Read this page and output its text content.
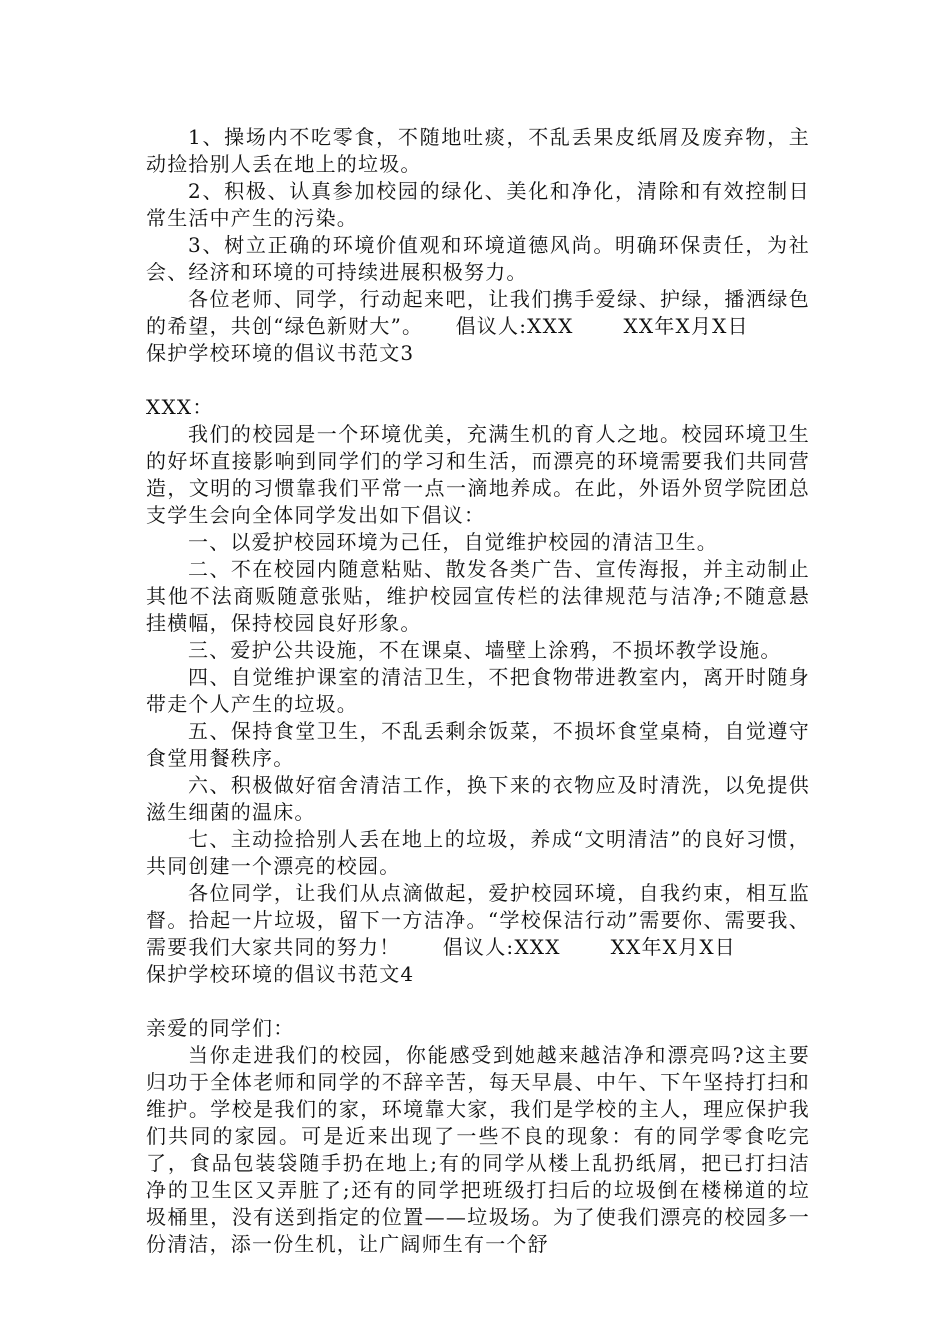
1、操场内不吃零食，不随地吐痰，不乱丢果皮纸屑及废弃物，主动捡拾别人丢在地上的垃圾。

2、积极、认真参加校园的绿化、美化和净化，清除和有效控制日常生活中产生的污染。

3、树立正确的环境价值观和环境道德风尚。明确环保责任，为社会、经济和环境的可持续进展积极努力。

各位老师、同学，行动起来吧，让我们携手爱绿、护绿，播洒绿色的希望，共创“绿色新财大”。　　倡议人:XXX　　 XX年X月X日

保护学校环境的倡议书范文3

XXX：

我们的校园是一个环境优美，充满生机的育人之地。校园环境卫生的好坏直接影响到同学们的学习和生活，而漂亮的环境需要我们共同营造，文明的习惯靠我们平常一点一滴地养成。在此，外语外贸学院团总支学生会向全体同学发出如下倡议：

一、以爱护校园环境为己任，自觉维护校园的清洁卫生。

二、不在校园内随意粘贴、散发各类广告、宣传海报，并主动制止其他不法商贩随意张贴，维护校园宣传栏的法律规范与洁净;不随意悬挂横幅，保持校园良好形象。

三、爱护公共设施，不在课桌、墙壁上涂鸦，不损坏教学设施。

四、自觉维护课室的清洁卫生，不把食物带进教室内，离开时随身带走个人产生的垃圾。

五、保持食堂卫生，不乱丢剩余饭菜，不损坏食堂桌椅，自觉遵守食堂用餐秩序。

六、积极做好宿舍清洁工作，换下来的衣物应及时清洗，以免提供滋生细菌的温床。

七、主动捡拾别人丢在地上的垃圾，养成“文明清洁”的良好习惯，共同创建一个漂亮的校园。

各位同学，让我们从点滴做起，爱护校园环境，自我约束，相互监督。拾起一片垃圾，留下一方洁净。“学校保洁行动”需要你、需要我、需要我们大家共同的努力！　　倡议人:XXX　　 XX年X月X日

保护学校环境的倡议书范文4

亲爱的同学们：

当你走进我们的校园，你能感受到她越来越洁净和漂亮吗?这主要归功于全体老师和同学的不辞辛苦，每天早晨、中午、下午坚持打扫和维护。学校是我们的家，环境靠大家，我们是学校的主人，理应保护我们共同的家园。可是近来出现了一些不良的现象：有的同学零食吃完了，食品包装袋随手扔在地上;有的同学从楼上乱扔纸屑，把已打扫洁净的卫生区又弄脏了;还有的同学把班级打扫后的垃圾倒在楼梯道的垃圾桶里，没有送到指定的位置——垃圾场。为了使我们漂亮的校园多一份清洁，添一份生机，让广阔师生有一个舒
